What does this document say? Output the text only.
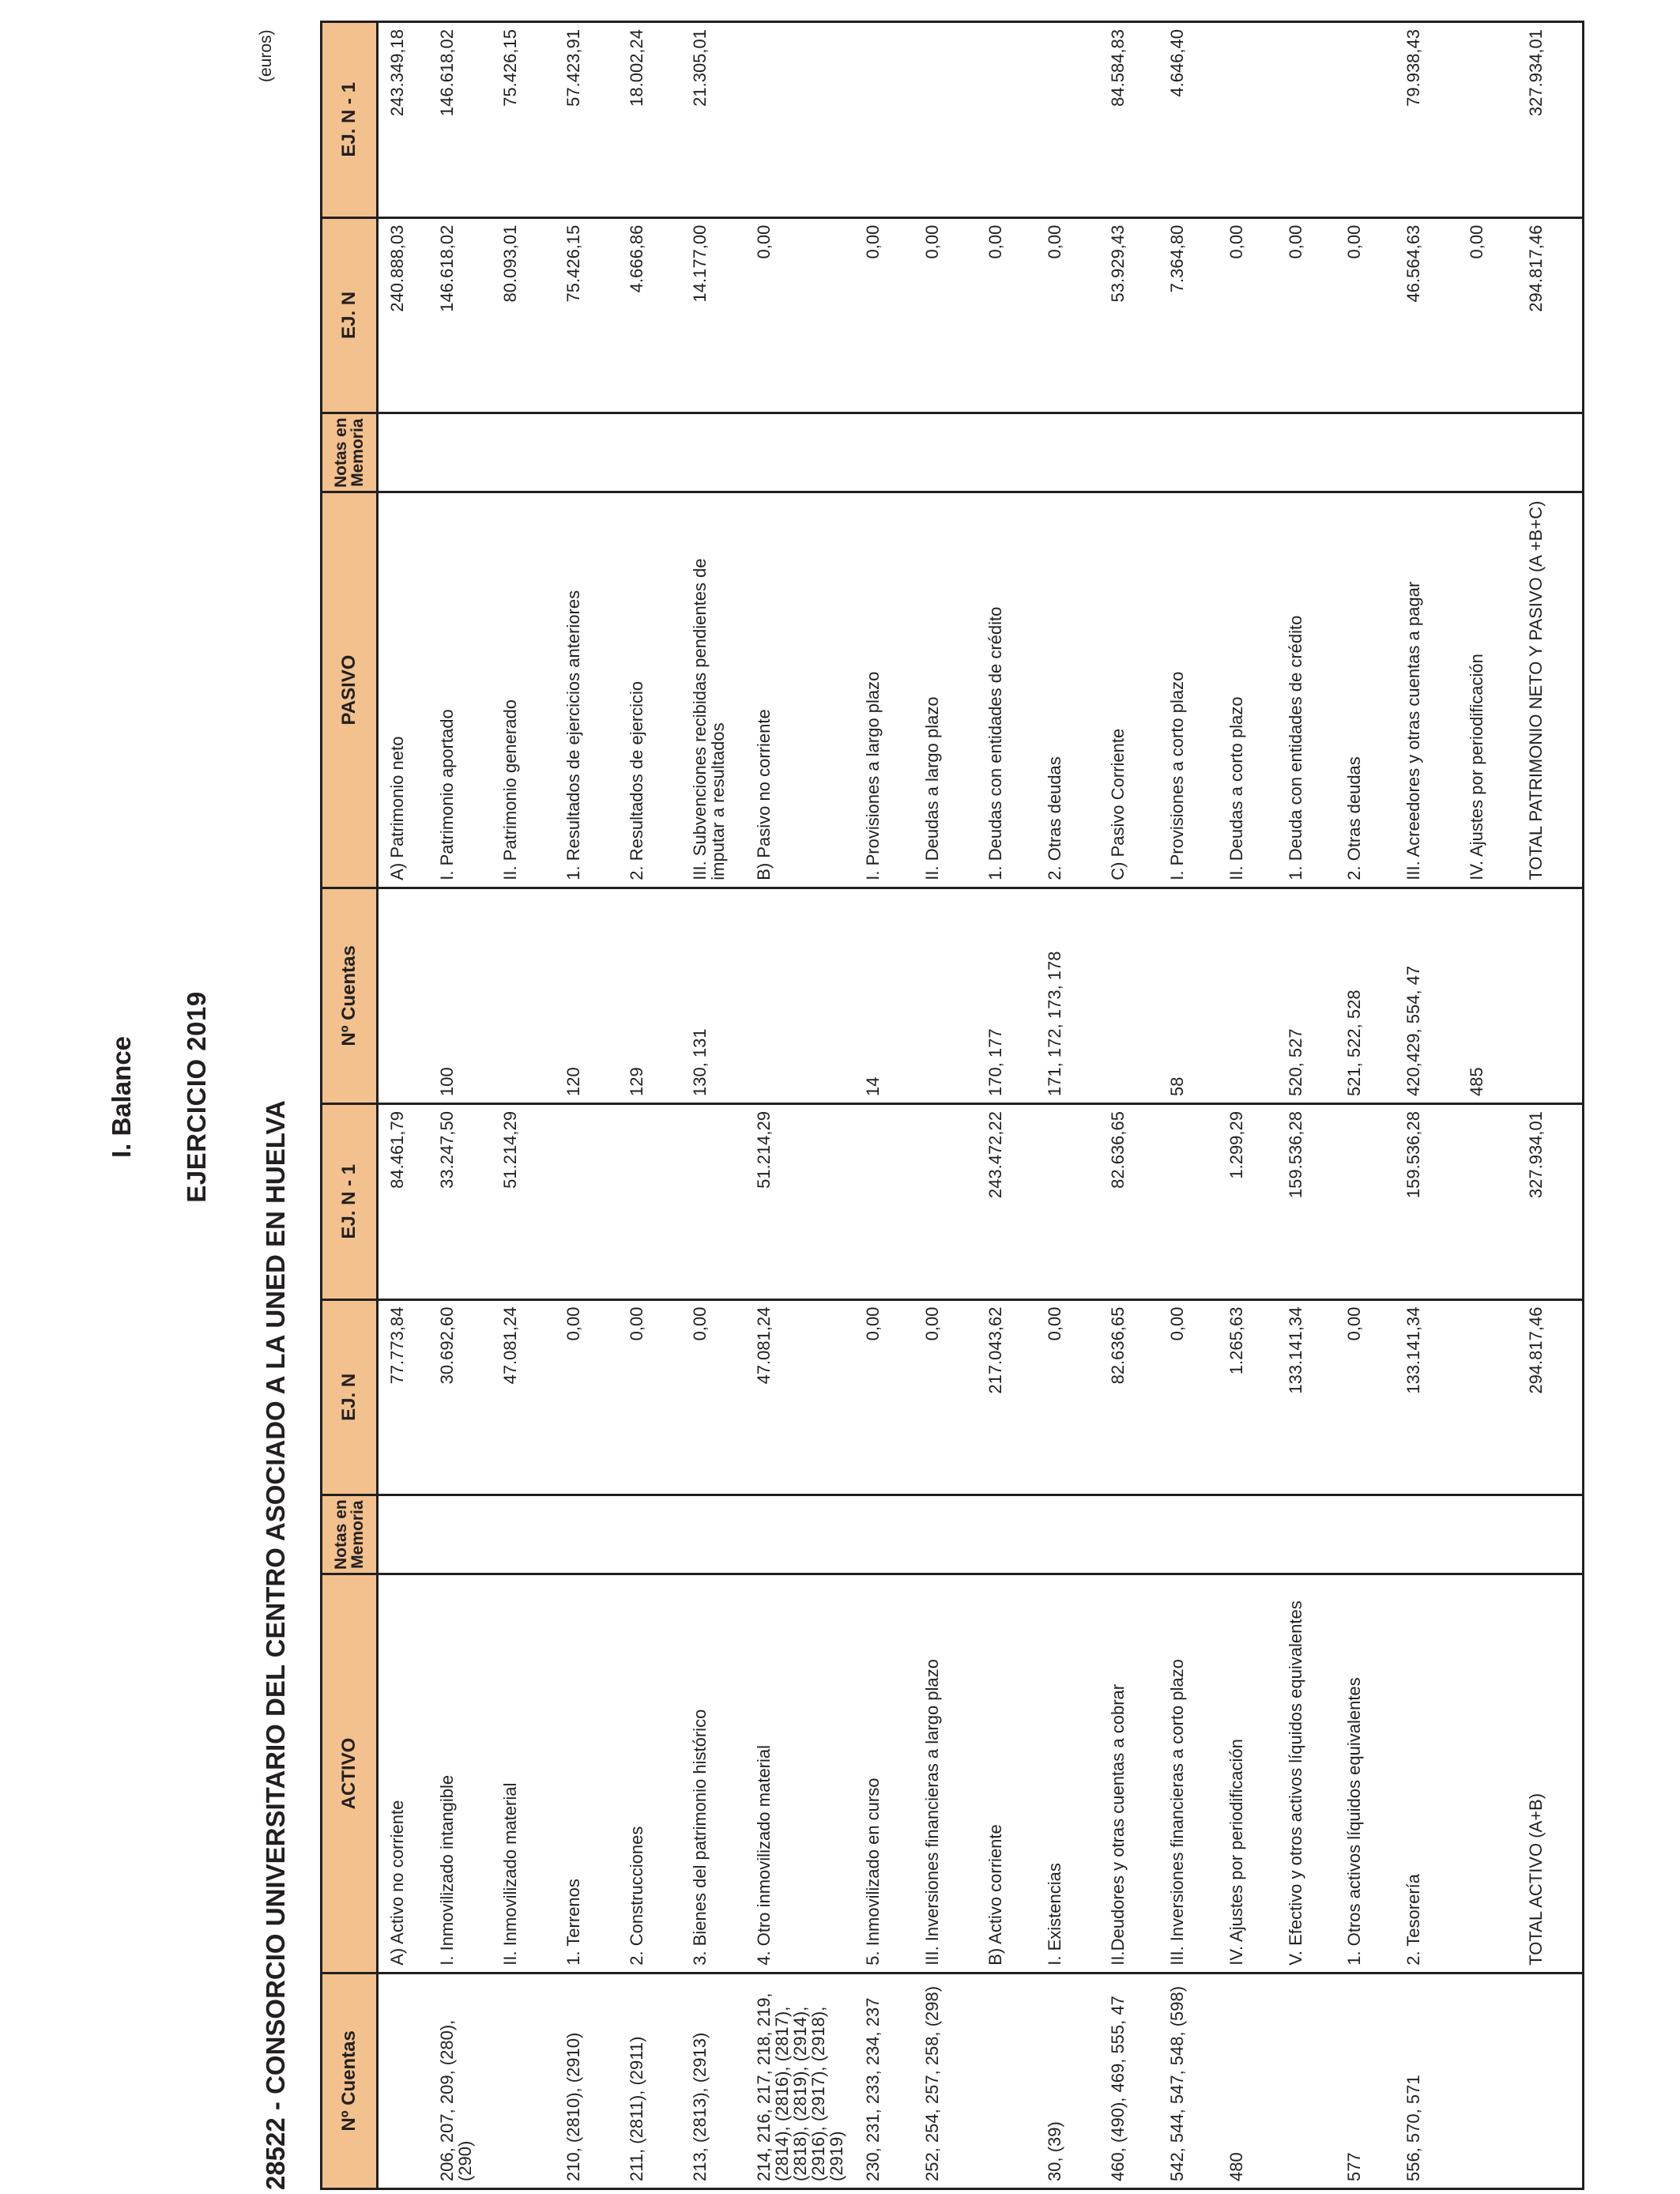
I. Balance EJERCICIO 2019
28522 - CONSORCIO UNIVERSITARIO DEL CENTRO ASOCIADO A LA UNED EN HUELVA
(euros)
Nº Cuentas	ACTIVO	Notas en Memoria	EJ. N	EJ. N - 1	Nº Cuentas	PASIVO	Notas en Memoria	EJ. N	EJ. N - 1
	A) Activo no corriente		77.773,84	84.461,79		A) Patrimonio neto		240.888,03	243.349,18
206, 207, 209, (280), (290)	I. Inmovilizado intangible		30.692,60	33.247,50	100	I. Patrimonio aportado		146.618,02	146.618,02
	II. Inmovilizado material		47.081,24	51.214,29		II. Patrimonio generado		80.093,01	75.426,15
210, (2810), (2910)	1. Terrenos		0,00		120	1. Resultados de ejercicios anteriores		75.426,15	57.423,91
211, (2811), (2911)	2. Construcciones		0,00		129	2. Resultados de ejercicio		4.666,86	18.002,24
213, (2813), (2913)	3. Bienes del patrimonio histórico		0,00		130, 131	III. Subvenciones recibidas pendientes de imputar a resultados		14.177,00	21.305,01
214, 216, 217, 218, 219, (2814), (2816), (2817), (2818), (2819), (2914), (2916), (2917), (2918), (2919)	4. Otro inmovilizado material		47.081,24	51.214,29		B) Pasivo no corriente		0,00	
230, 231, 233, 234, 237	5. Inmovilizado en curso		0,00		14	I. Provisiones a largo plazo		0,00	
252, 254, 257, 258, (298)	III. Inversiones financieras a largo plazo		0,00			II. Deudas a largo plazo		0,00	
	B) Activo corriente		217.043,62	243.472,22	170, 177	1. Deudas con entidades de crédito		0,00	
30, (39)	I. Existencias		0,00		171, 172, 173, 178	2. Otras deudas		0,00	
460, (490), 469, 555, 47	II.Deudores y otras cuentas a cobrar		82.636,65	82.636,65		C) Pasivo Corriente		53.929,43	84.584,83
542, 544, 547, 548, (598)	III. Inversiones financieras a corto plazo		0,00		58	I. Provisiones a corto plazo		7.364,80	4.646,40
480	IV. Ajustes por periodificación		1.265,63	1.299,29		II. Deudas a corto plazo		0,00	
	V. Efectivo y otros activos líquidos equivalentes		133.141,34	159.536,28	520, 527	1. Deuda con entidades de crédito		0,00	
577	1. Otros activos líquidos equivalentes		0,00		521, 522, 528	2. Otras deudas		0,00	
556, 570, 571	2. Tesorería		133.141,34	159.536,28	420,429, 554, 47	III. Acreedores y otras cuentas a pagar		46.564,63	79.938,43
					485	IV. Ajustes por periodificación		0,00	
	TOTAL ACTIVO (A+B)		294.817,46	327.934,01		TOTAL PATRIMONIO NETO Y PASIVO (A +B+C)		294.817,46	327.934,01
